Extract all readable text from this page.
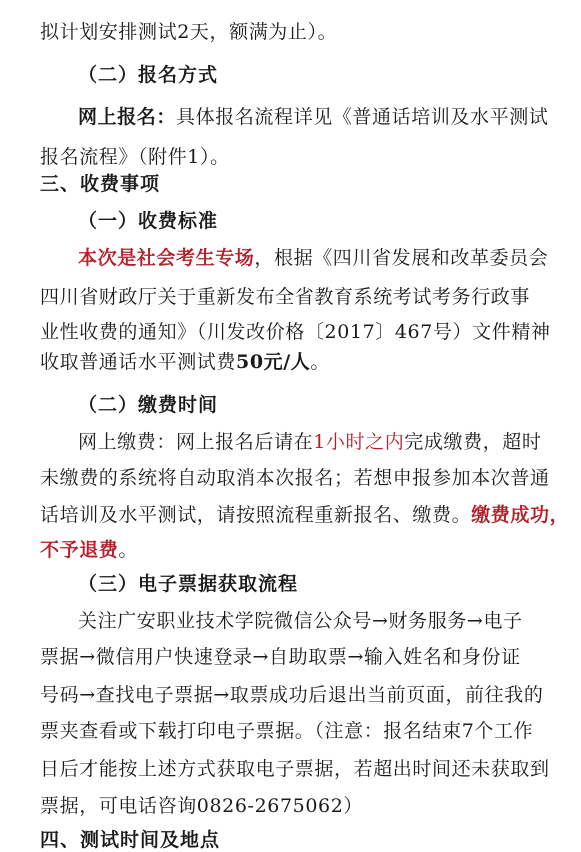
拟计划安排测试2天，额满为止）。
（二）报名方式
网上报名：具体报名流程详见《普通话培训及水平测试
报名流程》（附件1）。
三、收费事项
（一）收费标准
本次是社会考生专场，根据《四川省发展和改革委员会
四川省财政厅关于重新发布全省教育系统考试考务行政事
业性收费的通知》（川发改价格〔2017〕467号）文件精神
收取普通话水平测试费50元/人。
（二）缴费时间
网上缴费：网上报名后请在1小时之内完成缴费，超时
未缴费的系统将自动取消本次报名；若想申报参加本次普通
话培训及水平测试，请按照流程重新报名、缴费。缴费成功，
不予退费。
（三）电子票据获取流程
关注广安职业技术学院微信公众号→财务服务→电子
票据→微信用户快速登录→自助取票→输入姓名和身份证
号码→查找电子票据→取票成功后退出当前页面，前往我的
票夹查看或下载打印电子票据。（注意：报名结束7个工作
日后才能按上述方式获取电子票据，若超出时间还未获取到
票据，可电话咨询0826-2675062）
四、测试时间及地点
